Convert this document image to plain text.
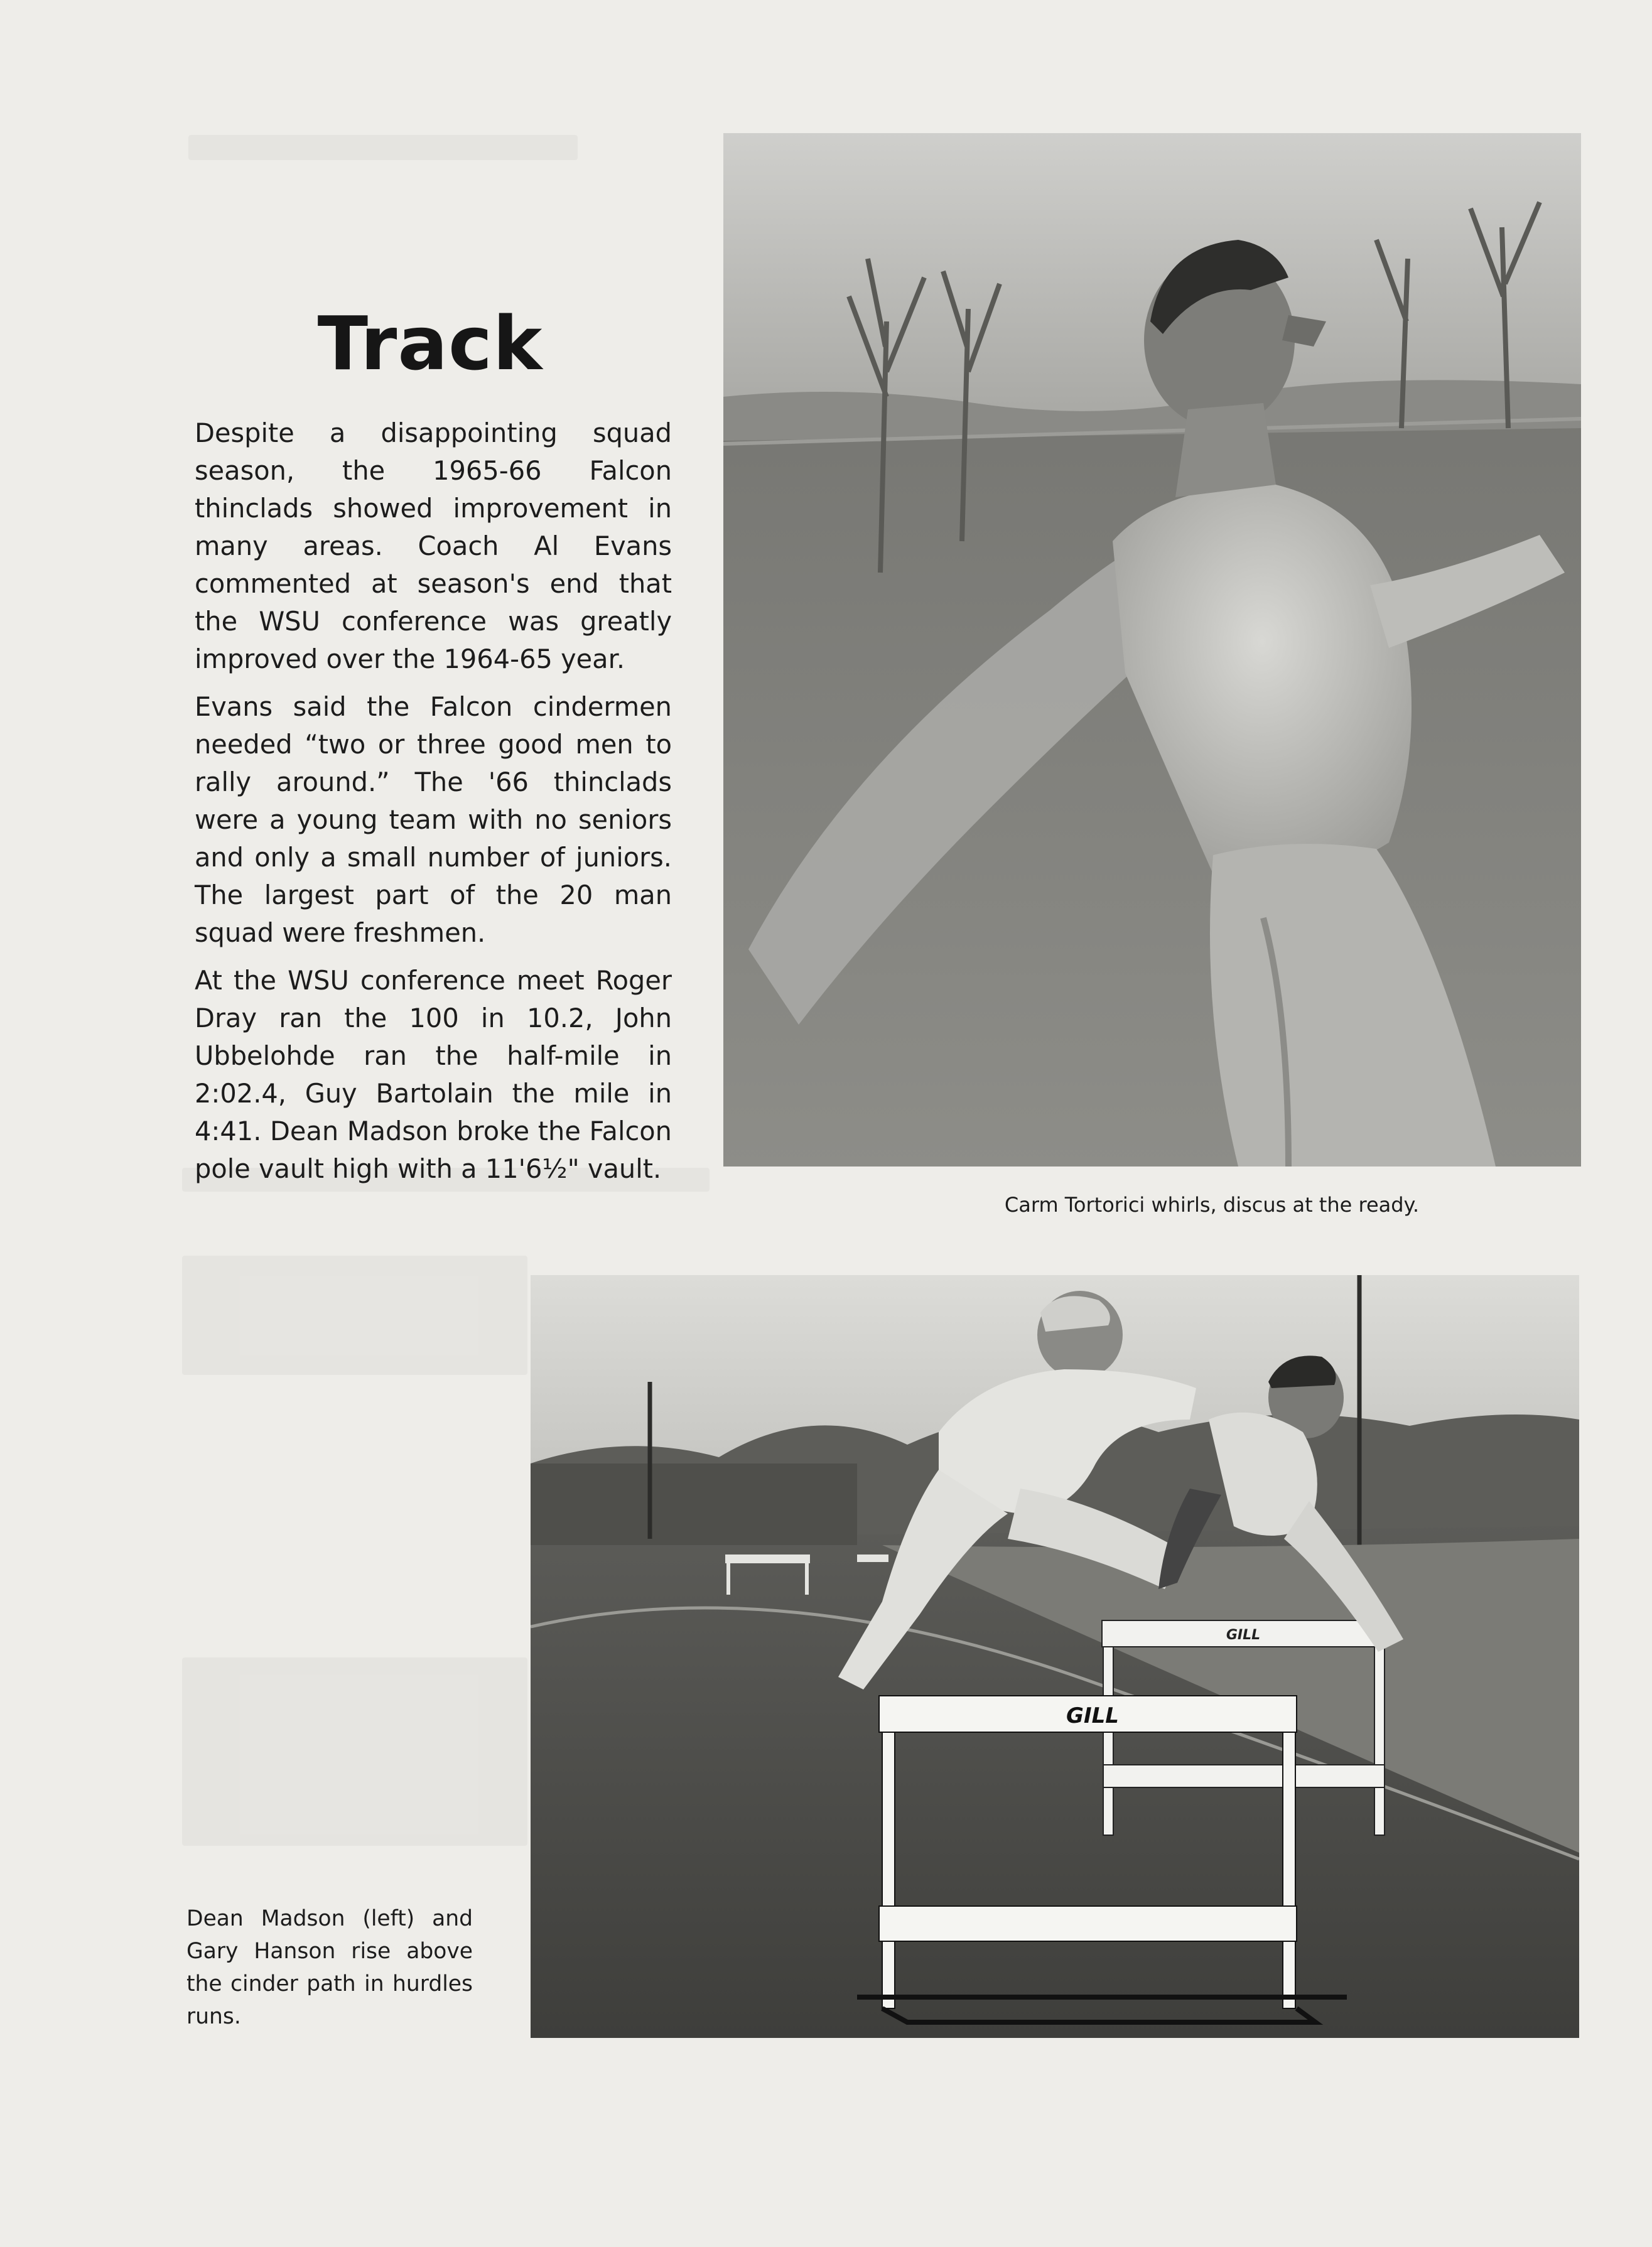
Track

Despite a disappointing squad season, the 1965-66 Falcon thinclads showed improvement in many areas. Coach Al Evans commented at season's end that the WSU conference was greatly improved over the 1964-65 year.

Evans said the Falcon cindermen needed “two or three good men to rally around.” The '66 thinclads were a young team with no seniors and only a small number of juniors. The largest part of the 20 man squad were freshmen.

At the WSU conference meet Roger Dray ran the 100 in 10.2, John Ubbelohde ran the half-mile in 2:02.4, Guy Bartolain the mile in 4:41. Dean Madson broke the Falcon pole vault high with a 11'6½" vault.

Carm Tortorici whirls, discus at the ready.
GILL
GILL
Dean Madson (left) and Gary Hanson rise above the cinder path in hurdles runs.
